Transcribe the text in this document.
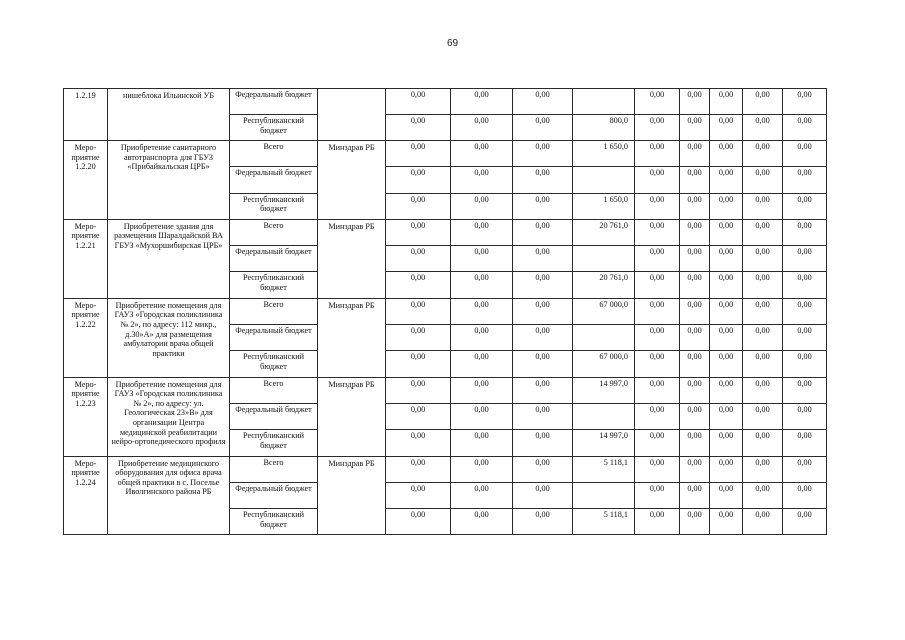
69
1.2.19	нишеблока Ильинской УБ	Федеральный бюджет		0,00	0,00	0,00		0,00	0,00	0,00	0,00	0,00
		Республиканский бюджет		0,00	0,00	0,00	800,0	0,00	0,00	0,00	0,00	0,00
Меро-приятие 1.2.20	Приобретение санитарного автотранспорта для ГБУЗ «Прибайкальская ЦРБ»	Всего	Минздрав РБ	0,00	0,00	0,00	1 650,0	0,00	0,00	0,00	0,00	0,00
		Федеральный бюджет		0,00	0,00	0,00		0,00	0,00	0,00	0,00	0,00
		Республиканский бюджет		0,00	0,00	0,00	1 650,0	0,00	0,00	0,00	0,00	0,00
Меро-приятие 1.2.21	Приобретение здания для размещения Шаралдайской ВА ГБУЗ «Мухоршибирская ЦРБ»	Всего	Минздрав РБ	0,00	0,00	0,00	20 761,0	0,00	0,00	0,00	0,00	0,00
		Федеральный бюджет		0,00	0,00	0,00		0,00	0,00	0,00	0,00	0,00
		Республиканский бюджет		0,00	0,00	0,00	20 761,0	0,00	0,00	0,00	0,00	0,00
Меро-приятие 1.2.22	Приобретение помещения для ГАУЗ «Городская поликлиника № 2», по адресу: 112 микр., д.30»А» для размещения амбулатории врача общей практики	Всего	Минздрав РБ	0,00	0,00	0,00	67 000,0	0,00	0,00	0,00	0,00	0,00
		Федеральный бюджет		0,00	0,00	0,00		0,00	0,00	0,00	0,00	0,00
		Республиканский бюджет		0,00	0,00	0,00	67 000,0	0,00	0,00	0,00	0,00	0,00
Меро-приятие 1.2.23	Приобретение помещения для ГАУЗ «Городская поликлиника № 2», по адресу: ул. Геологическая 23»В» для организации Центра медицинской реабилитации нейро-ортопедического профиля	Всего	Минздрав РБ	0,00	0,00	0,00	14 997,0	0,00	0,00	0,00	0,00	0,00
		Федеральный бюджет		0,00	0,00	0,00		0,00	0,00	0,00	0,00	0,00
		Республиканский бюджет		0,00	0,00	0,00	14 997,0	0,00	0,00	0,00	0,00	0,00
Меро-приятие 1.2.24	Приобретение медицинского оборудования для офиса врача общей практики в с. Поселье Иволгинского района РБ	Всего	Минздрав РБ	0,00	0,00	0,00	5 118,1	0,00	0,00	0,00	0,00	0,00
		Федеральный бюджет		0,00	0,00	0,00		0,00	0,00	0,00	0,00	0,00
		Республиканский бюджет		0,00	0,00	0,00	5 118,1	0,00	0,00	0,00	0,00	0,00
